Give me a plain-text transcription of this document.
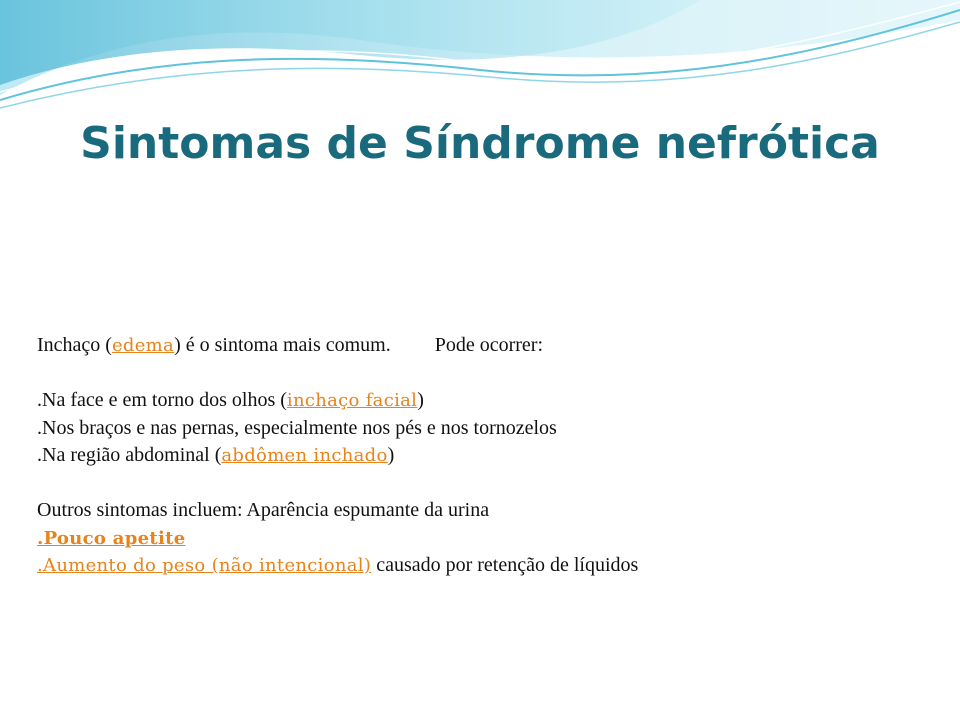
Sintomas de Síndrome nefrótica
Inchaço (edema) é o sintoma mais comum. Pode ocorrer:
.Na face e em torno dos olhos (inchaço facial)
.Nos braços e nas pernas, especialmente nos pés e nos tornozelos
.Na região abdominal (abdômen inchado)
Outros sintomas incluem: Aparência espumante da urina
.Pouco apetite
.Aumento do peso (não intencional) causado por retenção de líquidos
